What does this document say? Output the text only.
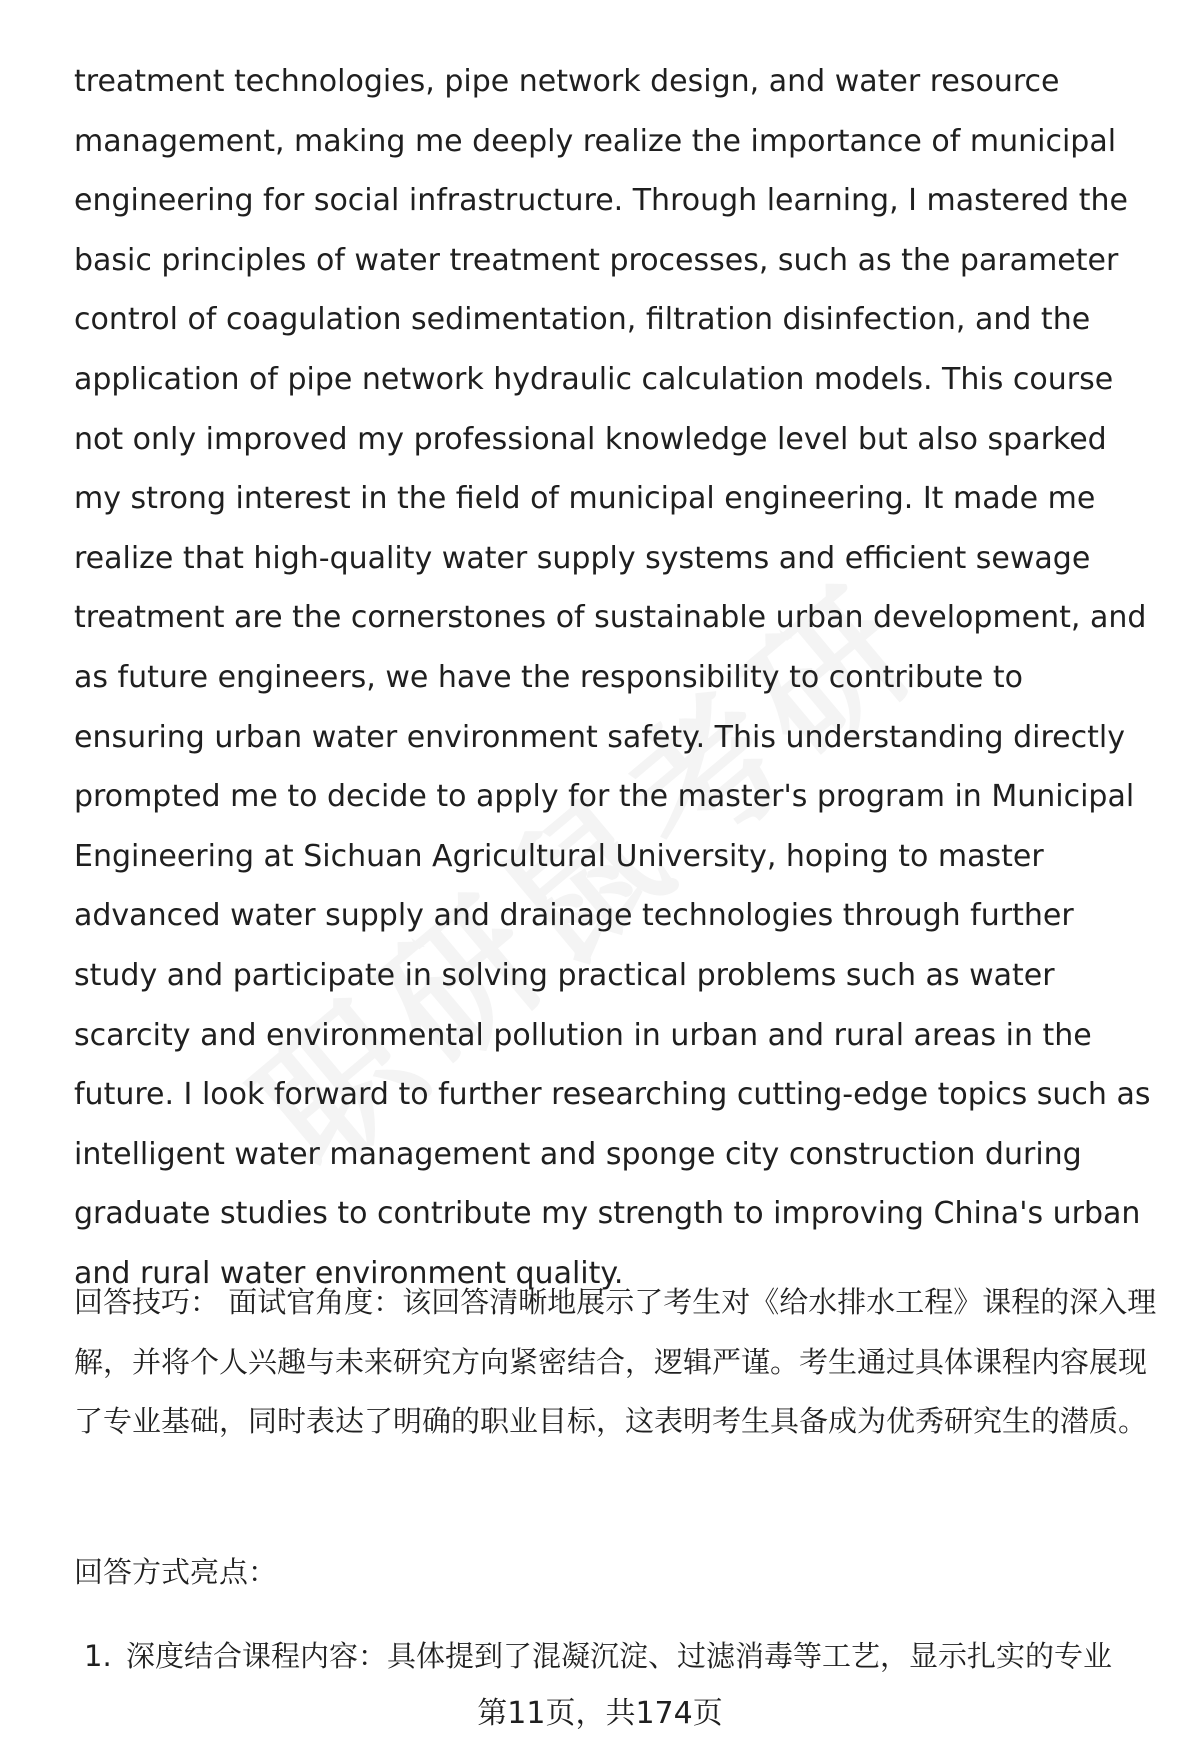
treatment technologies, pipe network design, and water resource management, making me deeply realize the importance of municipal engineering for social infrastructure. Through learning, I mastered the basic principles of water treatment processes, such as the parameter control of coagulation sedimentation, filtration disinfection, and the application of pipe network hydraulic calculation models. This course not only improved my professional knowledge level but also sparked my strong interest in the field of municipal engineering. It made me realize that high-quality water supply systems and efficient sewage treatment are the cornerstones of sustainable urban development, and as future engineers, we have the responsibility to contribute to ensuring urban water environment safety. This understanding directly prompted me to decide to apply for the master's program in Municipal Engineering at Sichuan Agricultural University, hoping to master advanced water supply and drainage technologies through further study and participate in solving practical problems such as water scarcity and environmental pollution in urban and rural areas in the future. I look forward to further researching cutting-edge topics such as intelligent water management and sponge city construction during graduate studies to contribute my strength to improving China's urban and rural water environment quality.

回答技巧： 面试官角度：该回答清晰地展示了考生对《给水排水工程》课程的深入理解，并将个人兴趣与未来研究方向紧密结合，逻辑严谨。考生通过具体课程内容展现了专业基础，同时表达了明确的职业目标，这表明考生具备成为优秀研究生的潜质。

回答方式亮点：

1. 深度结合课程内容：具体提到了混凝沉淀、过滤消毒等工艺，显示扎实的专业
第11页，共174页
